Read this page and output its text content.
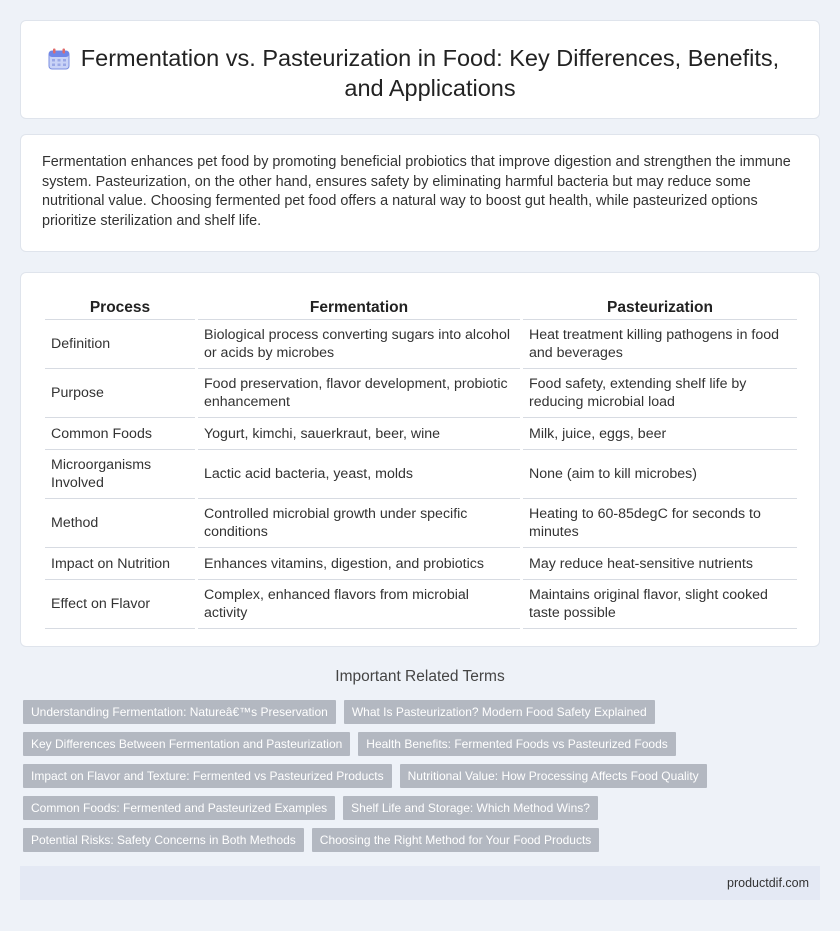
Fermentation vs. Pasteurization in Food: Key Differences, Benefits, and Applications

Fermentation enhances pet food by promoting beneficial probiotics that improve digestion and strengthen the immune system. Pasteurization, on the other hand, ensures safety by eliminating harmful bacteria but may reduce some nutritional value. Choosing fermented pet food offers a natural way to boost gut health, while pasteurized options prioritize sterilization and shelf life.

Process	Fermentation	Pasteurization
Definition	Biological process converting sugars into alcohol or acids by microbes	Heat treatment killing pathogens in food and beverages
Purpose	Food preservation, flavor development, probiotic enhancement	Food safety, extending shelf life by reducing microbial load
Common Foods	Yogurt, kimchi, sauerkraut, beer, wine	Milk, juice, eggs, beer
Microorganisms Involved	Lactic acid bacteria, yeast, molds	None (aim to kill microbes)
Method	Controlled microbial growth under specific conditions	Heating to 60-85degC for seconds to minutes
Impact on Nutrition	Enhances vitamins, digestion, and probiotics	May reduce heat-sensitive nutrients
Effect on Flavor	Complex, enhanced flavors from microbial activity	Maintains original flavor, slight cooked taste possible
Important Related Terms
Understanding Fermentation: Natureâ€™s Preservation	What Is Pasteurization? Modern Food Safety Explained
Key Differences Between Fermentation and Pasteurization	Health Benefits: Fermented Foods vs Pasteurized Foods
Impact on Flavor and Texture: Fermented vs Pasteurized Products	Nutritional Value: How Processing Affects Food Quality
Common Foods: Fermented and Pasteurized Examples	Shelf Life and Storage: Which Method Wins?
Potential Risks: Safety Concerns in Both Methods	Choosing the Right Method for Your Food Products
productdif.com
